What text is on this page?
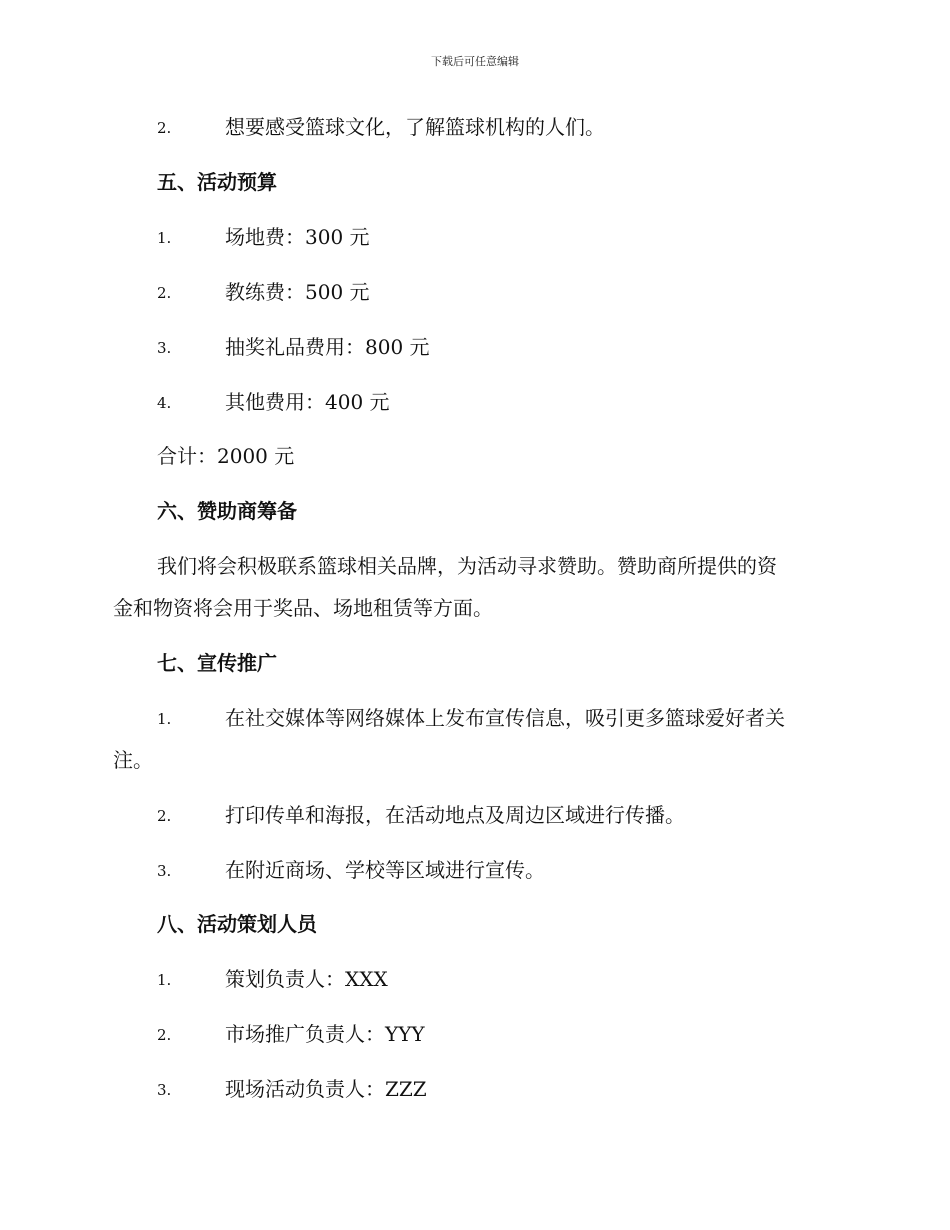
下载后可任意编辑
2.	想要感受篮球文化，了解篮球机构的人们。
五、活动预算
1.	场地费：300 元
2.	教练费：500 元
3.	抽奖礼品费用：800 元
4.	其他费用：400 元
合计：2000 元
六、赞助商筹备
我们将会积极联系篮球相关品牌，为活动寻求赞助。赞助商所提供的资
金和物资将会用于奖品、场地租赁等方面。
七、宣传推广
1.	在社交媒体等网络媒体上发布宣传信息，吸引更多篮球爱好者关
注。
2.	打印传单和海报，在活动地点及周边区域进行传播。
3.	在附近商场、学校等区域进行宣传。
八、活动策划人员
1.	策划负责人：XXX
2.	市场推广负责人：YYY
3.	现场活动负责人：ZZZ
